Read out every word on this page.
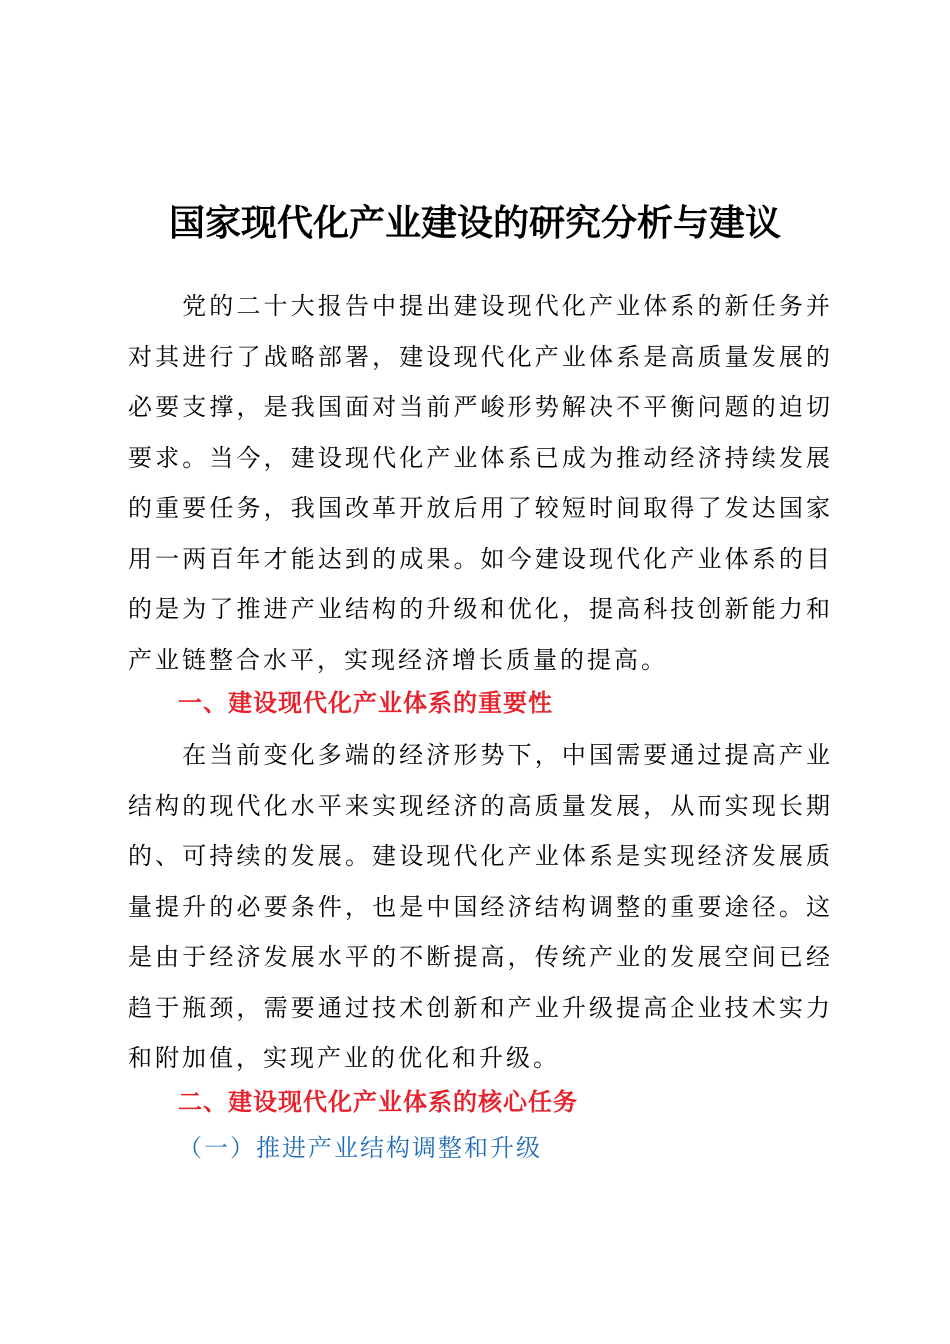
国家现代化产业建设的研究分析与建议
党的二十大报告中提出建设现代化产业体系的新任务并对其进行了战略部署，建设现代化产业体系是高质量发展的必要支撑，是我国面对当前严峻形势解决不平衡问题的迫切要求。当今，建设现代化产业体系已成为推动经济持续发展的重要任务，我国改革开放后用了较短时间取得了发达国家用一两百年才能达到的成果。如今建设现代化产业体系的目的是为了推进产业结构的升级和优化，提高科技创新能力和产业链整合水平，实现经济增长质量的提高。
一、建设现代化产业体系的重要性
在当前变化多端的经济形势下，中国需要通过提高产业结构的现代化水平来实现经济的高质量发展，从而实现长期的、可持续的发展。建设现代化产业体系是实现经济发展质量提升的必要条件，也是中国经济结构调整的重要途径。这是由于经济发展水平的不断提高，传统产业的发展空间已经趋于瓶颈，需要通过技术创新和产业升级提高企业技术实力和附加值，实现产业的优化和升级。
二、建设现代化产业体系的核心任务
（一）推进产业结构调整和升级
